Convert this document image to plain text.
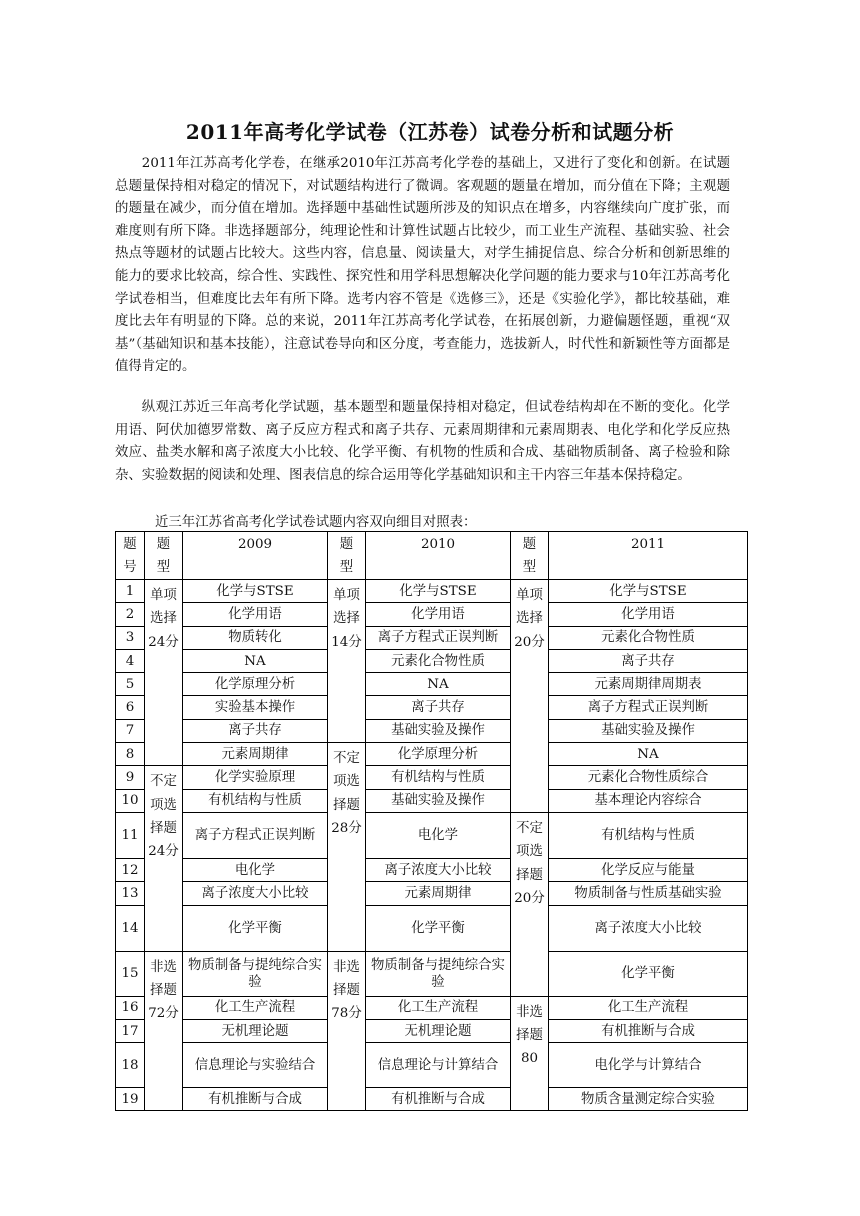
2011年高考化学试卷（江苏卷）试卷分析和试题分析

2011年江苏高考化学卷，在继承2010年江苏高考化学卷的基础上，又进行了变化和创新。在试题总题量保持相对稳定的情况下，对试题结构进行了微调。客观题的题量在增加，而分值在下降；主观题的题量在减少，而分值在增加。选择题中基础性试题所涉及的知识点在增多，内容继续向广度扩张，而难度则有所下降。非选择题部分，纯理论性和计算性试题占比较少，而工业生产流程、基础实验、社会热点等题材的试题占比较大。这些内容，信息量、阅读量大，对学生捕捉信息、综合分析和创新思维的能力的要求比较高，综合性、实践性、探究性和用学科思想解决化学问题的能力要求与10年江苏高考化学试卷相当，但难度比去年有所下降。选考内容不管是《选修三》，还是《实验化学》，都比较基础，难度比去年有明显的下降。总的来说，2011年江苏高考化学试卷，在拓展创新，力避偏题怪题，重视“双基”（基础知识和基本技能），注意试卷导向和区分度，考查能力，选拔新人，时代性和新颖性等方面都是值得肯定的。

纵观江苏近三年高考化学试题，基本题型和题量保持相对稳定，但试卷结构却在不断的变化。化学用语、阿伏加德罗常数、离子反应方程式和离子共存、元素周期律和元素周期表、电化学和化学反应热效应、盐类水解和离子浓度大小比较、化学平衡、有机物的性质和合成、基础物质制备、离子检验和除杂、实验数据的阅读和处理、图表信息的综合运用等化学基础知识和主干内容三年基本保持稳定。

近三年江苏省高考化学试卷试题内容双向细目对照表：
题号	题型	2009	题型	2010	题型	2011
1	单项选择24分	化学与STSE	单项选择14分	化学与STSE	单项选择20分	化学与STSE
2		化学用语		化学用语		化学用语
3		物质转化		离子方程式正误判断		元素化合物性质
4		NA		元素化合物性质		离子共存
5		化学原理分析		NA		元素周期律周期表
6		实验基本操作		离子共存		离子方程式正误判断
7		离子共存		基础实验及操作		基础实验及操作
8		元素周期律	不定项选择题28分	化学原理分析		NA
9	不定项选择题24分	化学实验原理		有机结构与性质		元素化合物性质综合
10		有机结构与性质		基础实验及操作		基本理论内容综合
11		离子方程式正误判断		电化学	不定项选择题20分	有机结构与性质
12		电化学		离子浓度大小比较		化学反应与能量
13		离子浓度大小比较		元素周期律		物质制备与性质基础实验
14		化学平衡		化学平衡		离子浓度大小比较
15	非选择题72分	物质制备与提纯综合实验	非选择题78分	物质制备与提纯综合实验		化学平衡
16		化工生产流程		化工生产流程	非选择题80	化工生产流程
17		无机理论题		无机理论题		有机推断与合成
18		信息理论与实验结合		信息理论与计算结合		电化学与计算结合
19		有机推断与合成		有机推断与合成		物质含量测定综合实验
